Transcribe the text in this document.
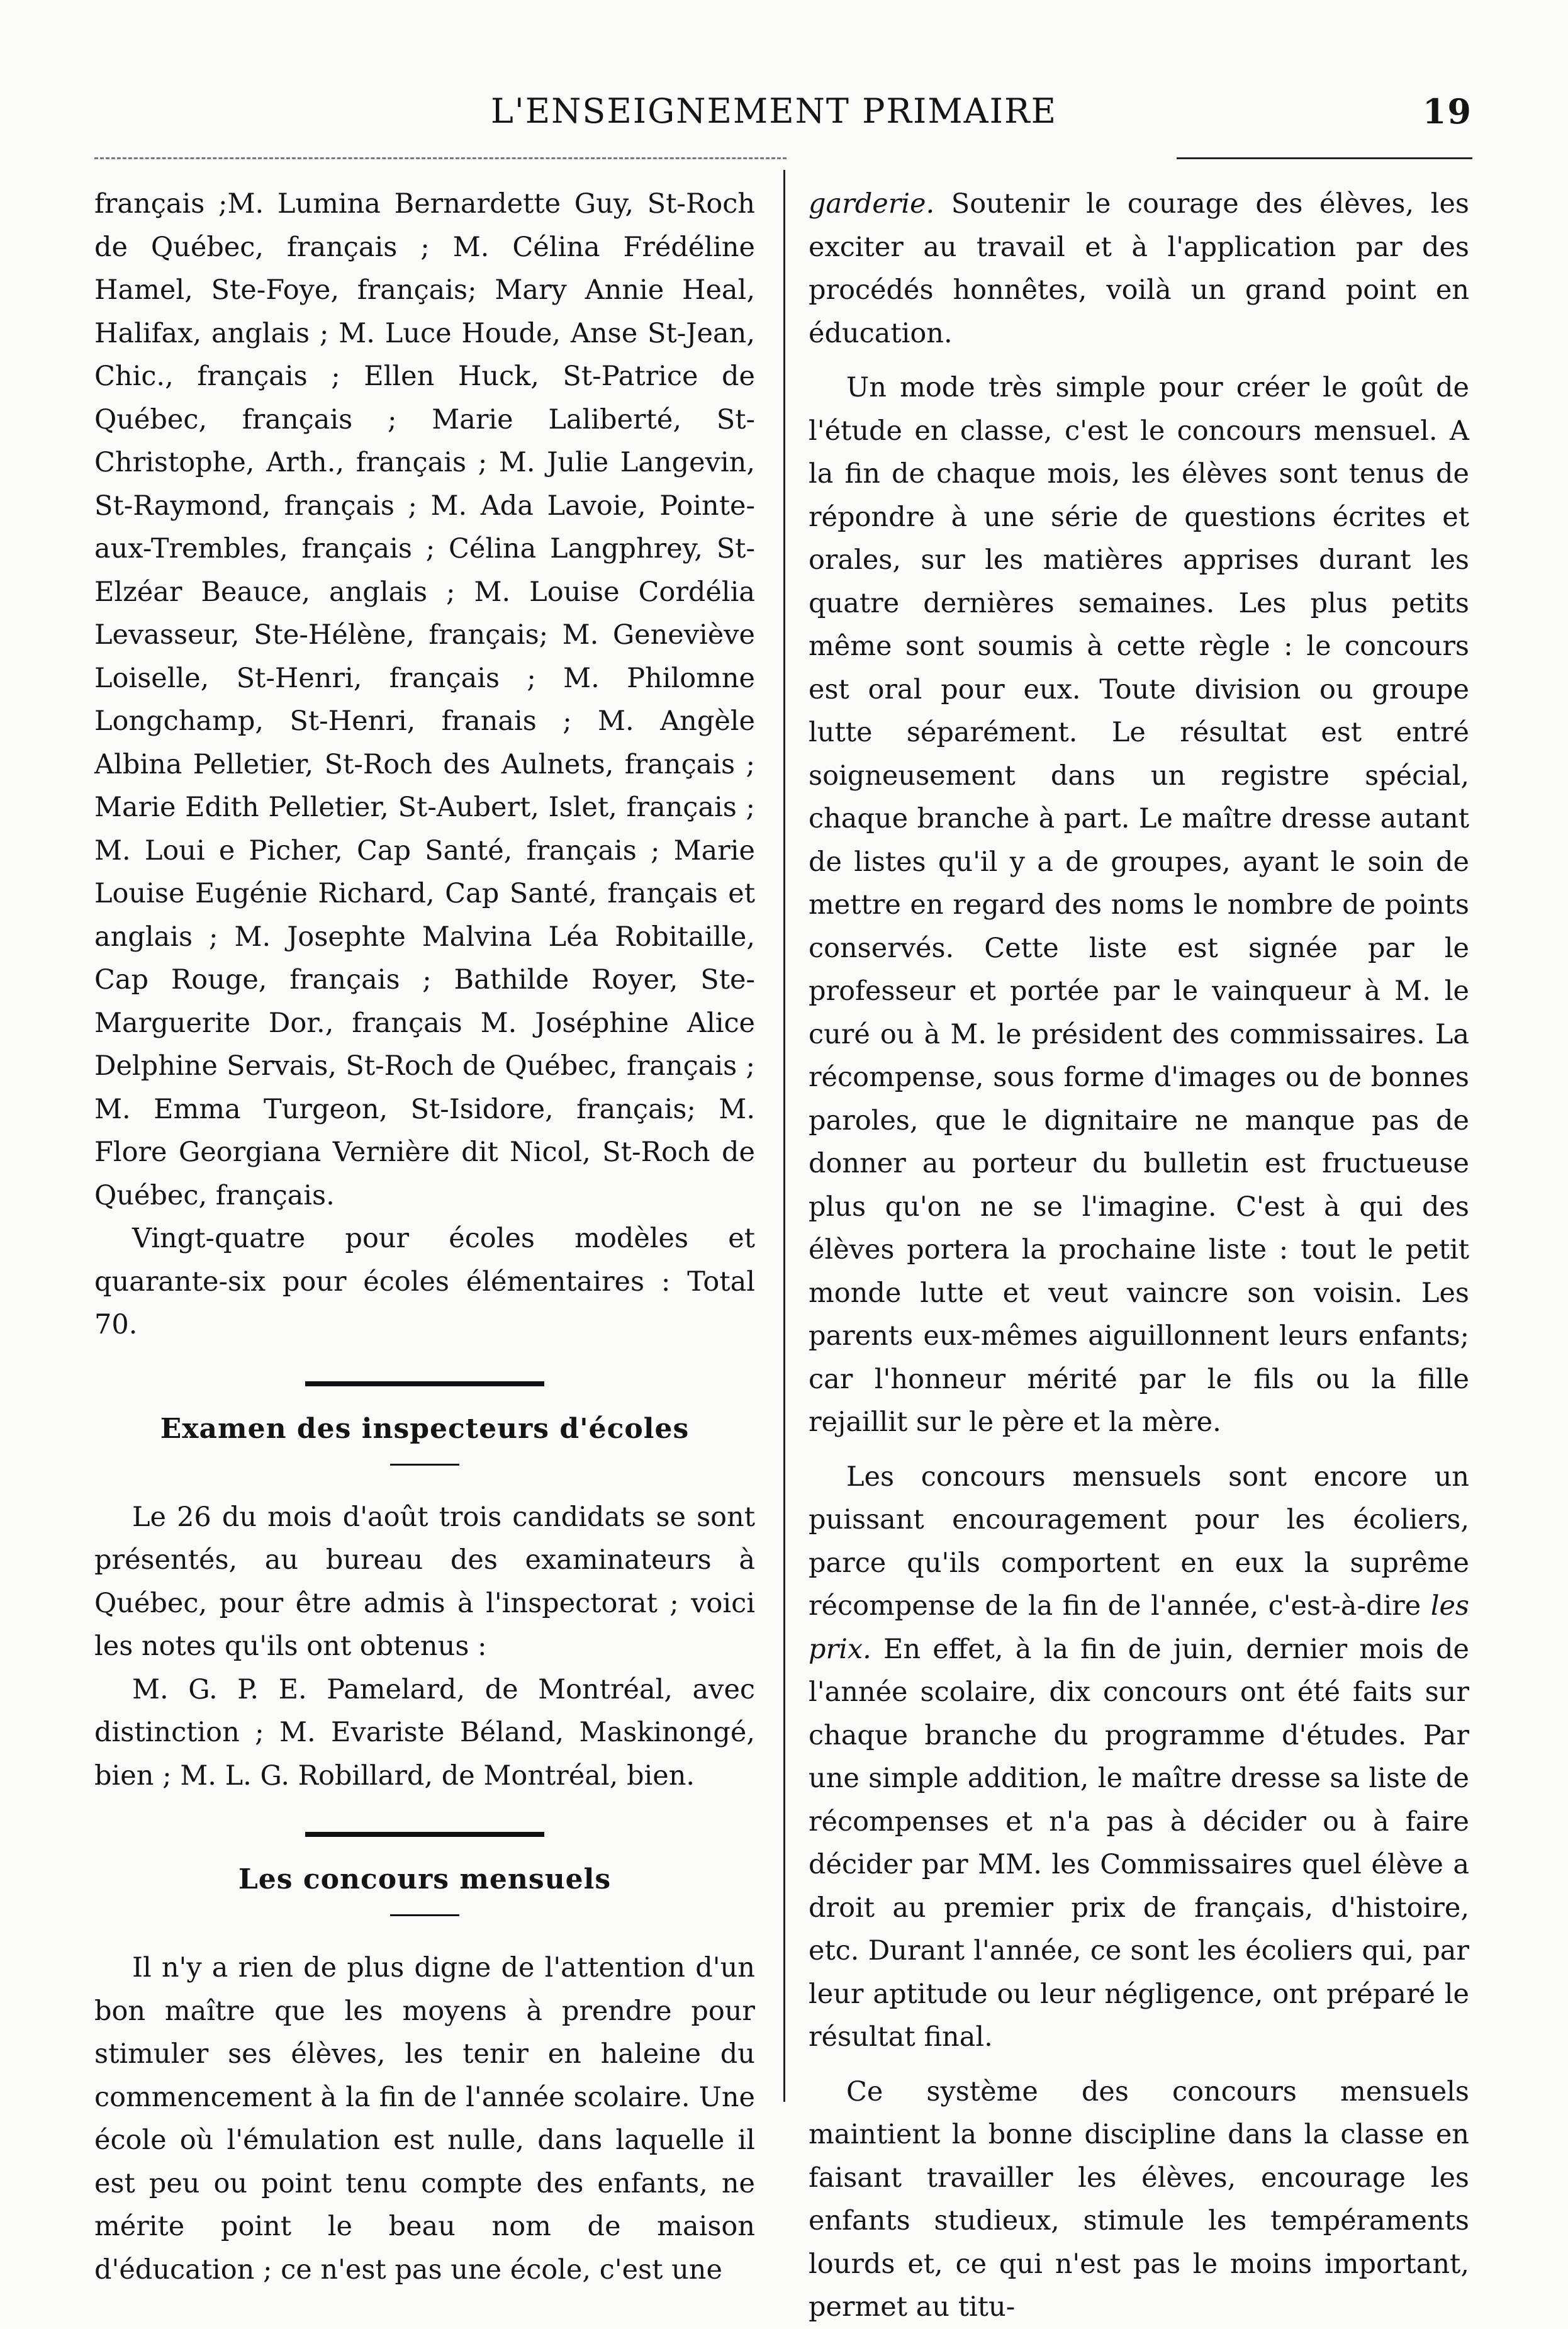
L'ENSEIGNEMENT PRIMAIRE	19

français ;M. Lumina Bernardette Guy, St-Roch de Québec, français ; M. Célina Frédéline Hamel, Ste-Foye, français; Mary Annie Heal, Halifax, anglais ; M. Luce Houde, Anse St-Jean, Chic., français ; Ellen Huck, St-Patrice de Québec, français ; Marie Laliberté, St-Christophe, Arth., français ; M. Julie Langevin, St-Raymond, français ; M. Ada Lavoie, Pointe-aux-Trembles, français ; Célina Langphrey, St-Elzéar Beauce, anglais ; M. Louise Cordélia Levasseur, Ste-Hélène, français; M. Geneviève Loiselle, St-Henri, français ; M. Philomne Longchamp, St-Henri, franais ; M. Angèle Albina Pelletier, St-Roch des Aulnets, français ; Marie Edith Pelletier, St-Aubert, Islet, français ; M. Loui e Picher, Cap Santé, français ; Marie Louise Eugénie Richard, Cap Santé, français et anglais ; M. Josephte Malvina Léa Robitaille, Cap Rouge, français ; Bathilde Royer, Ste-Marguerite Dor., français M. Joséphine Alice Delphine Servais, St-Roch de Québec, français ; M. Emma Turgeon, St-Isidore, français; M. Flore Georgiana Vernière dit Nicol, St-Roch de Québec, français.

Vingt-quatre pour écoles modèles et quarante-six pour écoles élémentaires : Total 70.

Examen des inspecteurs d'écoles

Le 26 du mois d'août trois candidats se sont présentés, au bureau des examinateurs à Québec, pour être admis à l'inspectorat ; voici les notes qu'ils ont obtenus :

M. G. P. E. Pamelard, de Montréal, avec distinction ; M. Evariste Béland, Maskinongé, bien ; M. L. G. Robillard, de Montréal, bien.

Les concours mensuels

Il n'y a rien de plus digne de l'attention d'un bon maître que les moyens à prendre pour stimuler ses élèves, les tenir en haleine du commencement à la fin de l'année scolaire. Une école où l'émulation est nulle, dans laquelle il est peu ou point tenu compte des enfants, ne mérite point le beau nom de maison d'éducation ; ce n'est pas une école, c'est une

garderie. Soutenir le courage des élèves, les exciter au travail et à l'application par des procédés honnêtes, voilà un grand point en éducation.

Un mode très simple pour créer le goût de l'étude en classe, c'est le concours mensuel. A la fin de chaque mois, les élèves sont tenus de répondre à une série de questions écrites et orales, sur les matières apprises durant les quatre dernières semaines. Les plus petits même sont soumis à cette règle : le concours est oral pour eux. Toute division ou groupe lutte séparément. Le résultat est entré soigneusement dans un registre spécial, chaque branche à part. Le maître dresse autant de listes qu'il y a de groupes, ayant le soin de mettre en regard des noms le nombre de points conservés. Cette liste est signée par le professeur et portée par le vainqueur à M. le curé ou à M. le président des commissaires. La récompense, sous forme d'images ou de bonnes paroles, que le dignitaire ne manque pas de donner au porteur du bulletin est fructueuse plus qu'on ne se l'imagine. C'est à qui des élèves portera la prochaine liste : tout le petit monde lutte et veut vaincre son voisin. Les parents eux-mêmes aiguillonnent leurs enfants; car l'honneur mérité par le fils ou la fille rejaillit sur le père et la mère.

Les concours mensuels sont encore un puissant encouragement pour les écoliers, parce qu'ils comportent en eux la suprême récompense de la fin de l'année, c'est-à-dire les prix. En effet, à la fin de juin, dernier mois de l'année scolaire, dix concours ont été faits sur chaque branche du programme d'études. Par une simple addition, le maître dresse sa liste de récompenses et n'a pas à décider ou à faire décider par MM. les Commissaires quel élève a droit au premier prix de français, d'histoire, etc. Durant l'année, ce sont les écoliers qui, par leur aptitude ou leur négligence, ont préparé le résultat final.

Ce système des concours mensuels maintient la bonne discipline dans la classe en faisant travailler les élèves, encourage les enfants studieux, stimule les tempéraments lourds et, ce qui n'est pas le moins important, permet au titu-
